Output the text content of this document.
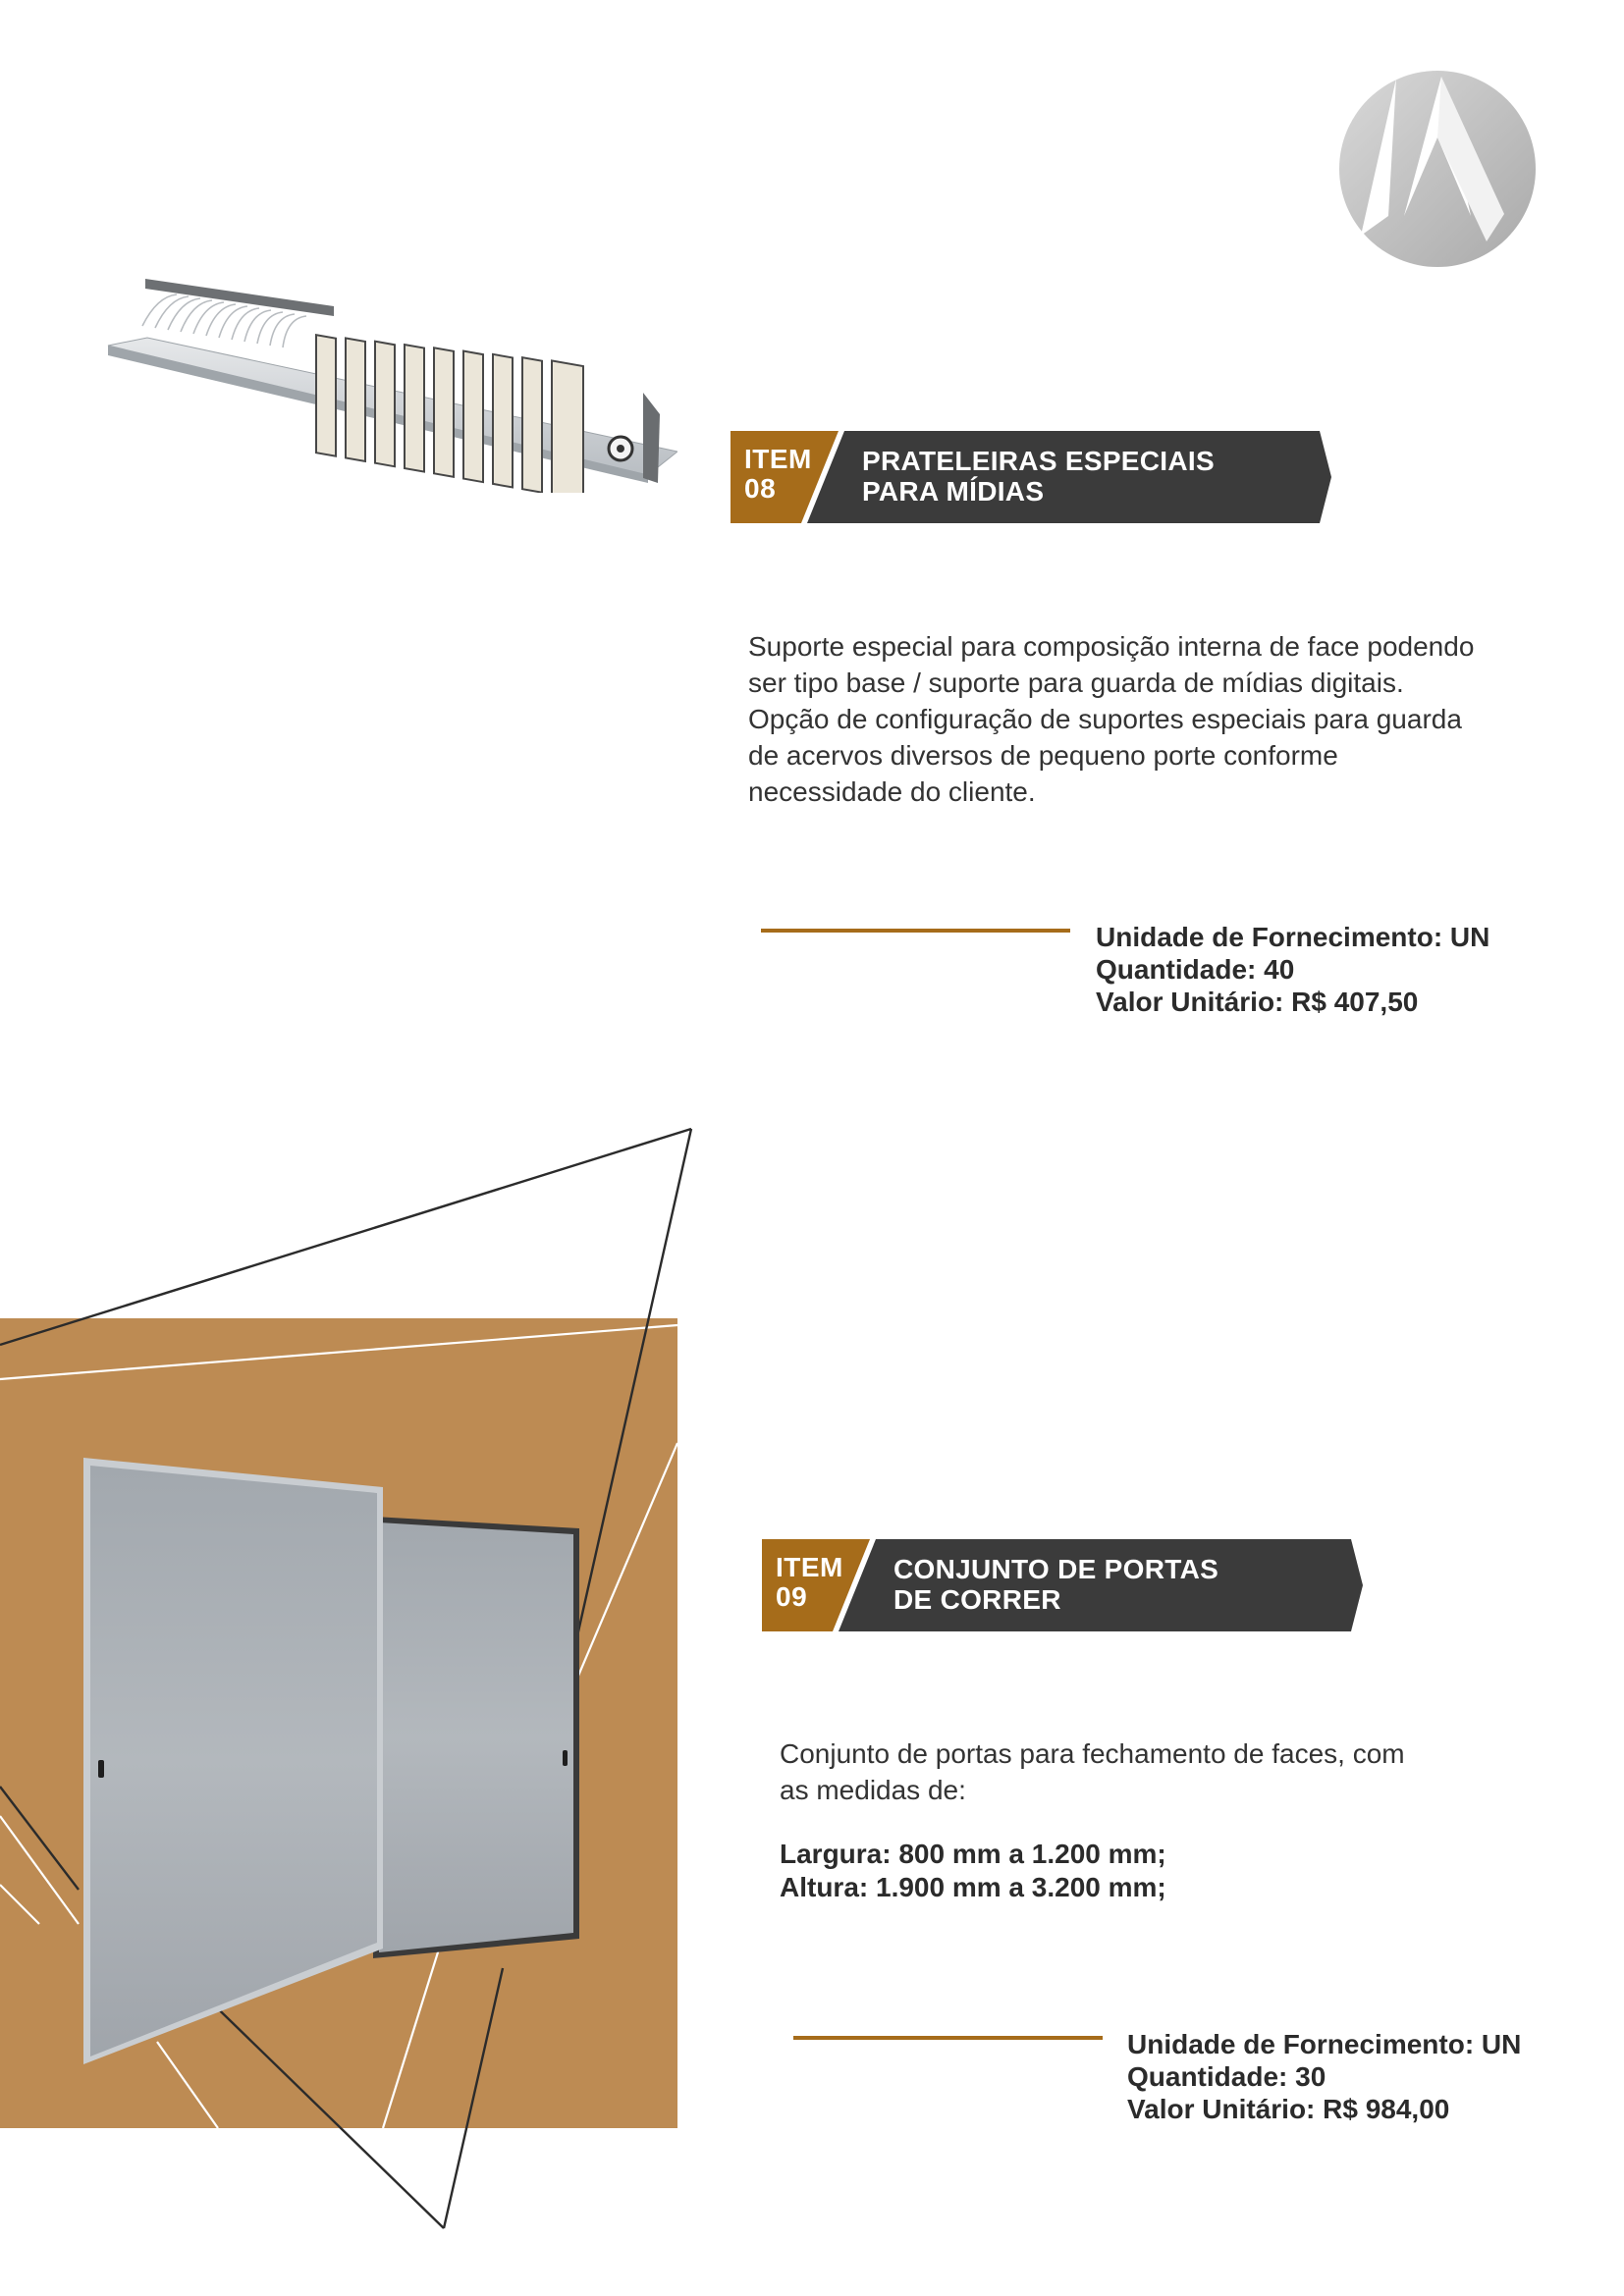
ITEM
08
PRATELEIRAS ESPECIAIS
PARA MÍDIAS
Suporte especial para composição interna de face podendo
ser tipo base / suporte para guarda de mídias digitais.
Opção de configuração de suportes especiais para guarda
de acervos diversos de pequeno porte conforme
necessidade do cliente.
Unidade de Fornecimento: UN
Quantidade: 40
Valor Unitário: R$ 407,50
ITEM
09
CONJUNTO DE PORTAS
DE CORRER
Conjunto de portas para fechamento de faces, com
as medidas de:
Largura: 800 mm a 1.200 mm;
Altura: 1.900 mm a 3.200 mm;
Unidade de Fornecimento: UN
Quantidade: 30
Valor Unitário: R$ 984,00
